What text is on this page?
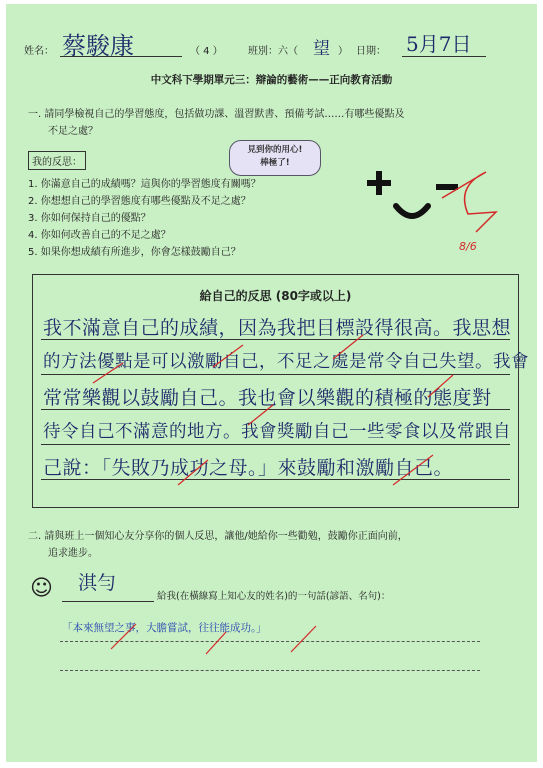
姓名： 蔡駿康	（ 4 ）	班別：六（ 望 ） 日期： 5月7日
中文科下學期單元三：辯論的藝術——正向教育活動
一. 請同學檢視自己的學習態度，包括做功課、溫習默書、預備考試……有哪些優點及
不足之處？
我的反思：
見到你的用心!
棒極了!
1. 你滿意自己的成績嗎？這與你的學習態度有關嗎？
2. 你想想自己的學習態度有哪些優點及不足之處？
3. 你如何保持自己的優點？
4. 你如何改善自己的不足之處？
5. 如果你想成績有所進步，你會怎樣鼓勵自己？	8/6
給自己的反思 (80字或以上)
我不滿意自己的成績，因為我把目標設得很高。我思想
的方法優點是可以激勵自己，不足之處是常令自己失望。我會
常常樂觀以鼓勵自己。我也會以樂觀的積極的態度對
待令自己不滿意的地方。我會獎勵自己一些零食以及常跟自
己說：「失敗乃成功之母。」來鼓勵和激勵自己。
二. 請與班上一個知心友分享你的個人反思，讓他/她給你一些勸勉，鼓勵你正面向前，
追求進步。
☺ 淇勻
給我(在橫線寫上知心友的姓名)的一句話(諺語、名句)：
「本來無望之事，大膽嘗試，往往能成功。」
